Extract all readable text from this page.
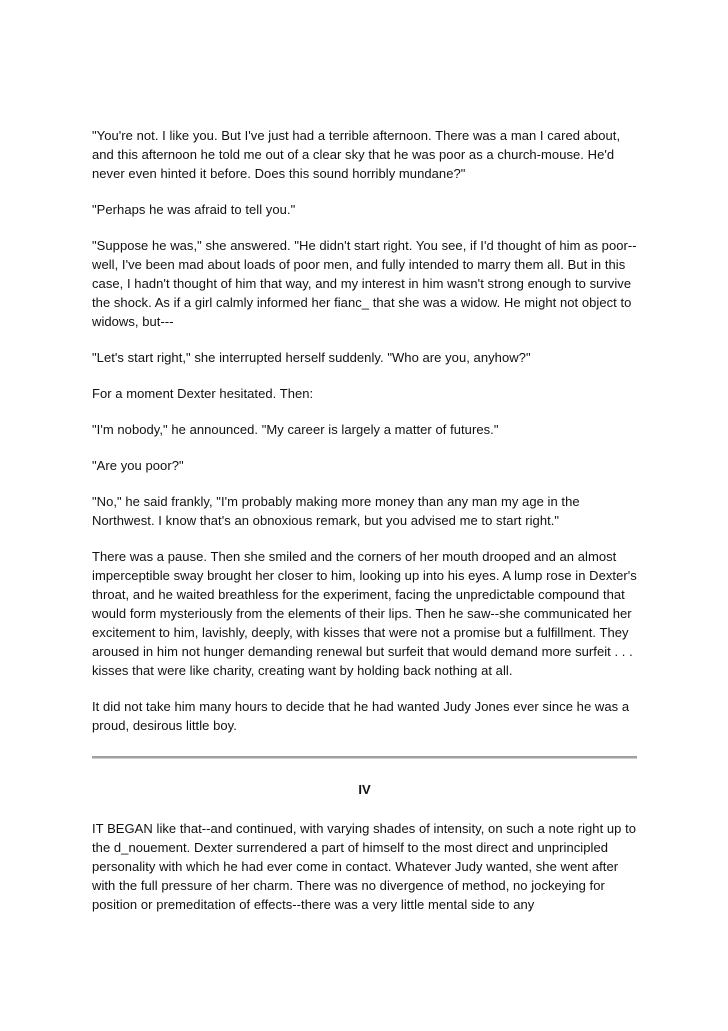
"You're not. I like you. But I've just had a terrible afternoon. There was a man I cared about, and this afternoon he told me out of a clear sky that he was poor as a church-mouse. He'd never even hinted it before. Does this sound horribly mundane?"

"Perhaps he was afraid to tell you."

"Suppose he was," she answered. "He didn't start right. You see, if I'd thought of him as poor--well, I've been mad about loads of poor men, and fully intended to marry them all. But in this case, I hadn't thought of him that way, and my interest in him wasn't strong enough to survive the shock. As if a girl calmly informed her fianc_ that she was a widow. He might not object to widows, but---

"Let's start right," she interrupted herself suddenly. "Who are you, anyhow?"

For a moment Dexter hesitated. Then:

"I'm nobody," he announced. "My career is largely a matter of futures."

"Are you poor?"

"No," he said frankly, "I'm probably making more money than any man my age in the Northwest. I know that's an obnoxious remark, but you advised me to start right."

There was a pause. Then she smiled and the corners of her mouth drooped and an almost imperceptible sway brought her closer to him, looking up into his eyes. A lump rose in Dexter's throat, and he waited breathless for the experiment, facing the unpredictable compound that would form mysteriously from the elements of their lips. Then he saw--she communicated her excitement to him, lavishly, deeply, with kisses that were not a promise but a fulfillment. They aroused in him not hunger demanding renewal but surfeit that would demand more surfeit . . . kisses that were like charity, creating want by holding back nothing at all.

It did not take him many hours to decide that he had wanted Judy Jones ever since he was a proud, desirous little boy.

IV

IT BEGAN like that--and continued, with varying shades of intensity, on such a note right up to the d_nouement. Dexter surrendered a part of himself to the most direct and unprincipled personality with which he had ever come in contact. Whatever Judy wanted, she went after with the full pressure of her charm. There was no divergence of method, no jockeying for position or premeditation of effects--there was a very little mental side to any
